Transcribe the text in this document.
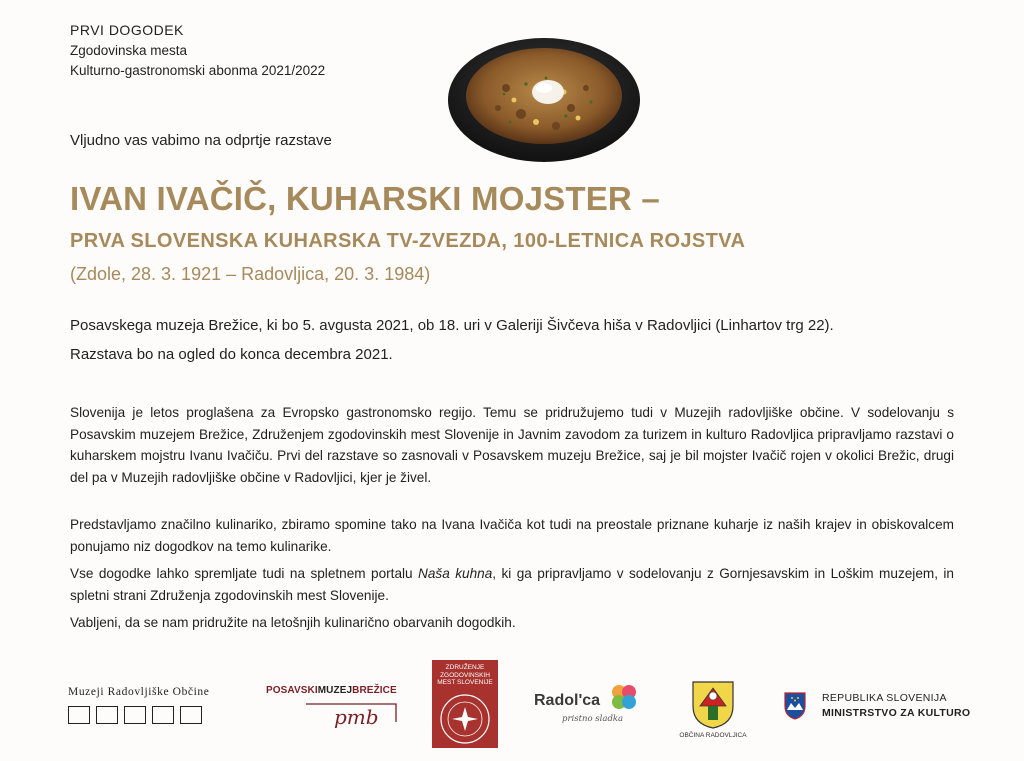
PRVI DOGODEK
Zgodovinska mesta
Kulturno-gastronomski abonma 2021/2022
Vljudno vas vabimo na odprtje razstave
IVAN IVAČIČ, KUHARSKI MOJSTER –
PRVA SLOVENSKA KUHARSKA TV-ZVEZDA, 100-LETNICA ROJSTVA
(Zdole, 28. 3. 1921 – Radovljica, 20. 3. 1984)
Posavskega muzeja Brežice, ki bo 5. avgusta 2021, ob 18. uri v Galeriji Šivčeva hiša v Radovljici (Linhartov trg 22).
Razstava bo na ogled do konca decembra 2021.
Slovenija je letos proglašena za Evropsko gastronomsko regijo. Temu se pridružujemo tudi v Muzejih radovljiške občine. V sodelovanju s Posavskim muzejem Brežice, Združenjem zgodovinskih mest Slovenije in Javnim zavodom za turizem in kulturo Radovljica pripravljamo razstavi o kuharskem mojstru Ivanu Ivačiču. Prvi del razstave so zasnovali v Posavskem muzeju Brežice, saj je bil mojster Ivačič rojen v okolici Brežic, drugi del pa v Muzejih radovljiške občine v Radovljici, kjer je živel.
Predstavljamo značilno kulinariko, zbiramo spomine tako na Ivana Ivačiča kot tudi na preostale priznane kuharje iz naših krajev in obiskovalcem ponujamo niz dogodkov na temo kulinarike.
Vse dogodke lahko spremljate tudi na spletnem portalu Naša kuhna, ki ga pripravljamo v sodelovanju z Gornjesavskim in Loškim muzejem, in spletni strani Združenja zgodovinskih mest Slovenije.
Vabljeni, da se nam pridružite na letošnjih kulinarično obarvanih dogodkih.
Muzeji Radovljiške Občine	POSAVSKIMUZEJBREŽICE
pmb
ZDRUŽENJE ZGODOVINSKIH MEST SLOVENIJE
Radol'ca
pristno sladka
OBČINA RADOVLJICA
REPUBLIKA SLOVENIJA
MINISTRSTVO ZA KULTURO
